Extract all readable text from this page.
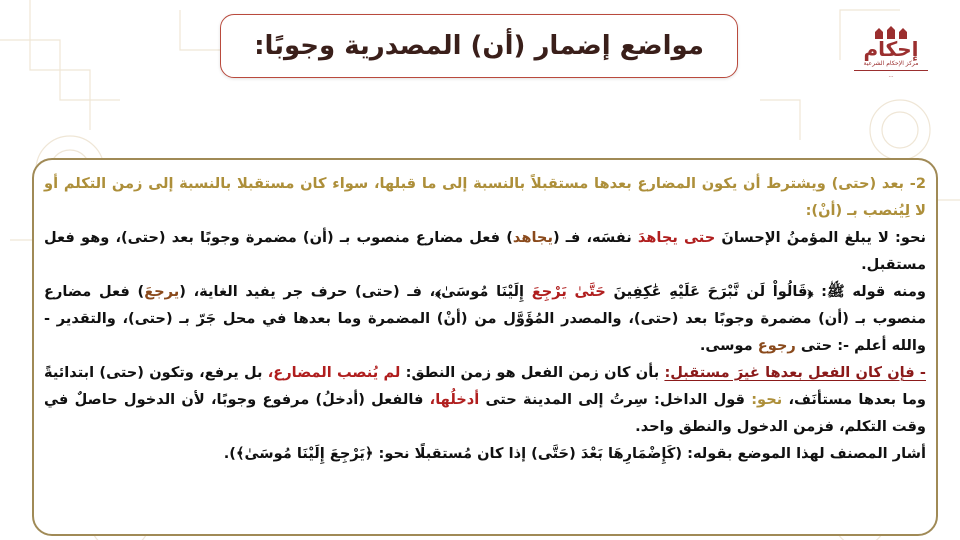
مواضع إضمار (أن) المصدرية وجوبًا:	إحكام
مركز الإحكام الشرعية
...

2- بعد (حتى) ويشترط أن يكون المضارع بعدها مستقبلاً بالنسبة إلى ما قبلها، سواء كان مستقبلا بالنسبة إلى زمن التكلم أو لا لِيُنصب بـ (أنْ):

نحو: لا يبلغ المؤمنُ الإحسانَ حتى يجاهدَ نفسَه، فـ (يجاهد) فعل مضارع منصوب بـ (أن) مضمرة وجوبًا بعد (حتى)، وهو فعل مستقبل.

ومنه قوله ﷺ: ﴿قَالُواْ لَن نَّبْرَحَ عَلَيْهِ عَٰكِفِينَ حَتَّىٰ يَرْجِعَ إِلَيْنَا مُوسَىٰ﴾، فـ (حتى) حرف جر يفيد الغاية، (يرجعَ) فعل مضارع منصوب بـ (أن) مضمرة وجوبًا بعد (حتى)، والمصدر المُؤَوَّل من (أنْ) المضمرة وما بعدها في محل جَرّ بـ (حتى)، والتقدير - والله أعلم -: حتى رجوع موسى.

- فإن كان الفعل بعدها غيرَ مستقبل: بأن كان زمن الفعل هو زمن النطق: لم يُنصب المضارع، بل يرفع، وتكون (حتى) ابتدائيةً وما بعدها مستأنَف، نحو: قول الداخل: سِرتُ إلى المدينة حتى أدخلُها، فالفعل (أدخلُ) مرفوع وجوبًا، لأن الدخول حاصلٌ في وقت التكلم، فزمن الدخول والنطق واحد.

أشار المصنف لهذا الموضع بقوله: (كَإِضْمَارِهَا بَعْدَ (حَتَّى) إذا كان مُستقبلًا نحو: ﴿يَرْجِعَ إِلَيْنَا مُوسَىٰ﴾).
